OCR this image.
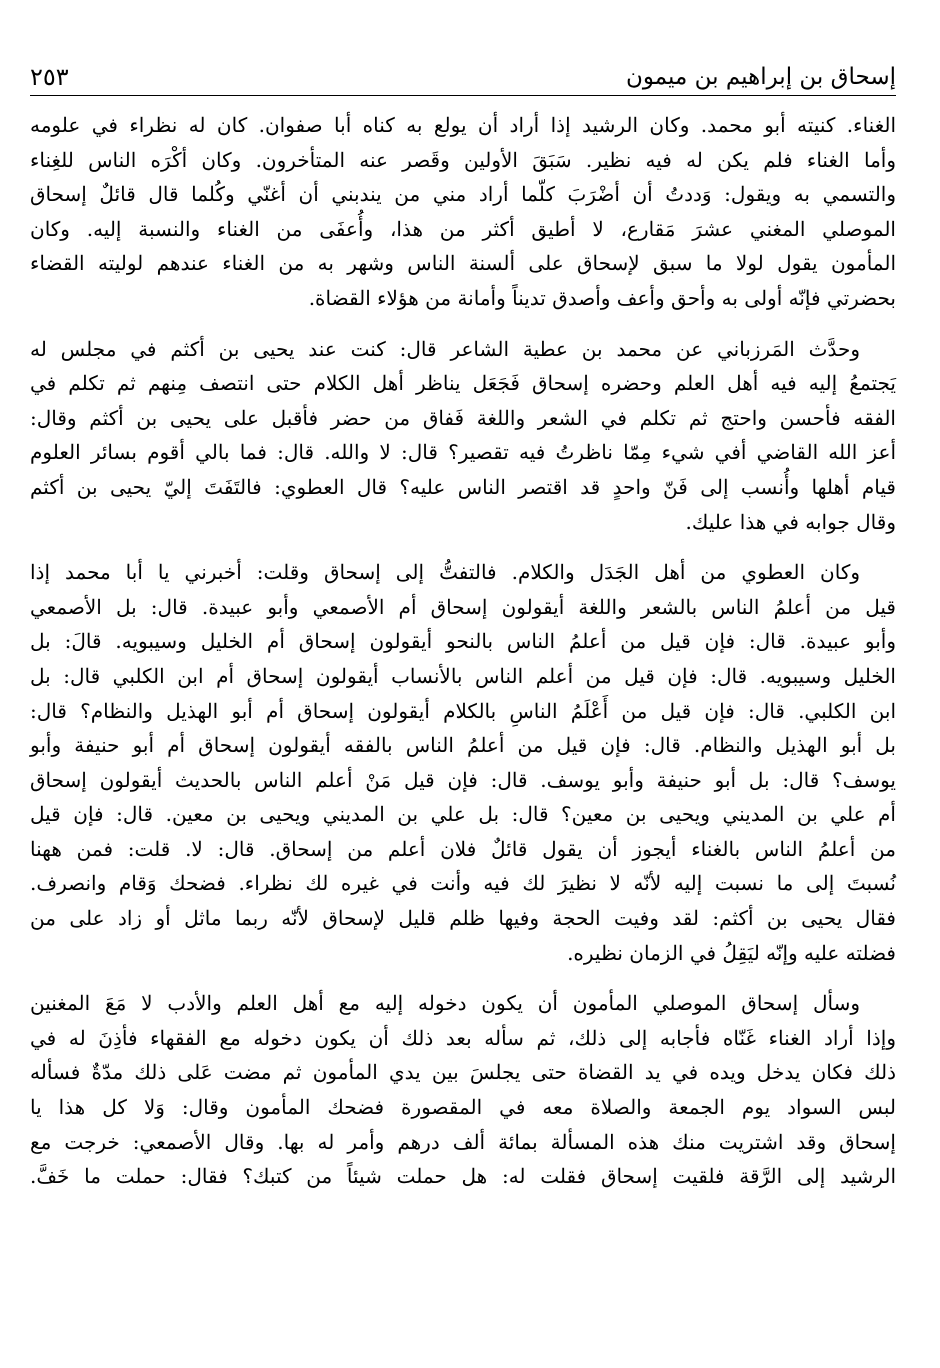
إسحاق بن إبراهيم بن ميمون
٢٥٣
الغناء. كنيته أبو محمد. وكان الرشيد إذا أراد أن يولع به كناه أبا صفوان. كان له نظراء في علومه
وأما الغناء فلم يكن له فيه نظير. سَبَقَ الأولين وقَصر عنه المتأخرون. وكان أكْرَه الناس للغِناء
والتسمي به ويقول: وَددتُ أن أضْرَبَ كلّما أراد مني من يندبني أن أغنّي وكُلما قال قائلٌ إسحاق
الموصلي المغني عشرَ مَقارع، لا أطيق أكثر من هذا، وأُعفَى من الغناء والنسبة إليه. وكان
المأمون يقول لولا ما سبق لإسحاق على ألسنة الناس وشهر به من الغناء عندهم لوليته القضاء
بحضرتي فإنّه أولى به وأحق وأعف وأصدق تديناً وأمانة من هؤلاء القضاة.
وحدَّث المَرزباني عن محمد بن عطية الشاعر قال: كنت عند يحيى بن أكثم في مجلس له
يَجتمعُ إليه فيه أهل العلم وحضره إسحاق فَجَعَل يناظر أهل الكلام حتى انتصف مِنهم ثم تكلم في
الفقه فأحسن واحتج ثم تكلم في الشعر واللغة فَفاق من حضر فأقبل على يحيى بن أكثم وقال:
أعز الله القاضي أفي شيء مِمّا ناظرتُ فيه تقصير؟ قال: لا والله. قال: فما بالي أقوم بسائر العلوم
قيام أهلها وأُنسب إلى فَنّ واحدٍ قد اقتصر الناس عليه؟ قال العطوي: فالتَفَتَ إليّ يحيى بن أكثم
وقال جوابه في هذا عليك.
وكان العطوي من أهل الجَدَل والكلام. فالتفتُّ إلى إسحاق وقلت: أخبرني يا أبا محمد إذا
قيل من أعلمُ الناس بالشعر واللغة أيقولون إسحاق أم الأصمعي وأبو عبيدة. قال: بل الأصمعي
وأبو عبيدة. قال: فإن قيل من أعلمُ الناس بالنحو أيقولون إسحاق أم الخليل وسيبويه. قالَ: بل
الخليل وسيبويه. قال: فإن قيل من أعلم الناس بالأنساب أيقولون إسحاق أم ابن الكلبي قال: بل
ابن الكلبي. قال: فإن قيل من أَعْلَمُ الناسِ بالكلام أيقولون إسحاق أم أبو الهذيل والنظام؟ قال:
بل أبو الهذيل والنظام. قال: فإن قيل من أعلمُ الناس بالفقه أيقولون إسحاق أم أبو حنيفة وأبو
يوسف؟ قال: بل أبو حنيفة وأبو يوسف. قال: فإن قيل مَنْ أعلم الناس بالحديث أيقولون إسحاق
أم علي بن المديني ويحيى بن معين؟ قال: بل علي بن المديني ويحيى بن معين. قال: فإن قيل
من أعلمُ الناس بالغناء أيجوز أن يقول قائلٌ فلان أعلم من إسحاق. قال: لا. قلت: فمن ههنا
نُسبتَ إلى ما نسبت إليه لأنّه لا نظيرَ لك فيه وأنت في غيره لك نظراء. فضحك وَقام وانصرف.
فقال يحيى بن أكثم: لقد وفيت الحجة وفيها ظلم قليل لإسحاق لأنّه ربما ماثل أو زاد على من
فضلته عليه وإنّه ليَقِلُ في الزمان نظيره.
وسأل إسحاق الموصلي المأمون أن يكون دخوله إليه مع أهل العلم والأدب لا مَعَ المغنين
وإذا أراد الغناء غَنّاه فأجابه إلى ذلك، ثم سأله بعد ذلك أن يكون دخوله مع الفقهاء فأذِنَ له في
ذلك فكان يدخل ويده في يد القضاة حتى يجلسَ بين يدي المأمون ثم مضت عَلى ذلك مدّةٌ فسأله
لبس السواد يوم الجمعة والصلاة معه في المقصورة فضحك المأمون وقال: وَلا كل هذا يا
إسحاق وقد اشتريت منك هذه المسألة بمائة ألف درهم وأمر له بها. وقال الأصمعي: خرجت مع
الرشيد إلى الرَّقة فلقيت إسحاق فقلت له: هل حملت شيئاً من كتبك؟ فقال: حملت ما خَفَّ.
